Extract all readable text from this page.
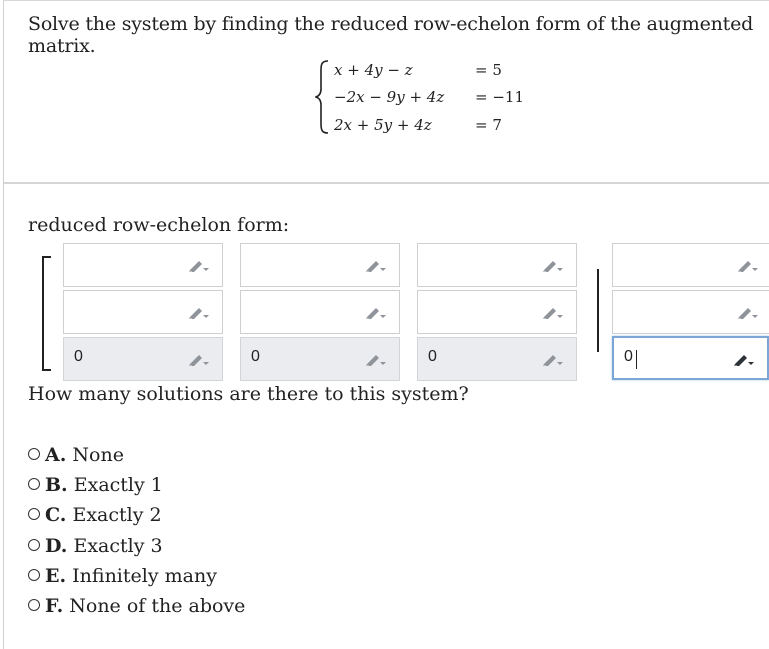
Solve the system by finding the reduced row-echelon form of the augmented matrix.
x + 4y − z	= 5
−2x − 9y + 4z = −11
2x + 5y + 4z	= 7
reduced row-echelon form:
0	0	0	0
How many solutions are there to this system?
A. None
B. Exactly 1
C. Exactly 2
D. Exactly 3
E. Infinitely many
F. None of the above
